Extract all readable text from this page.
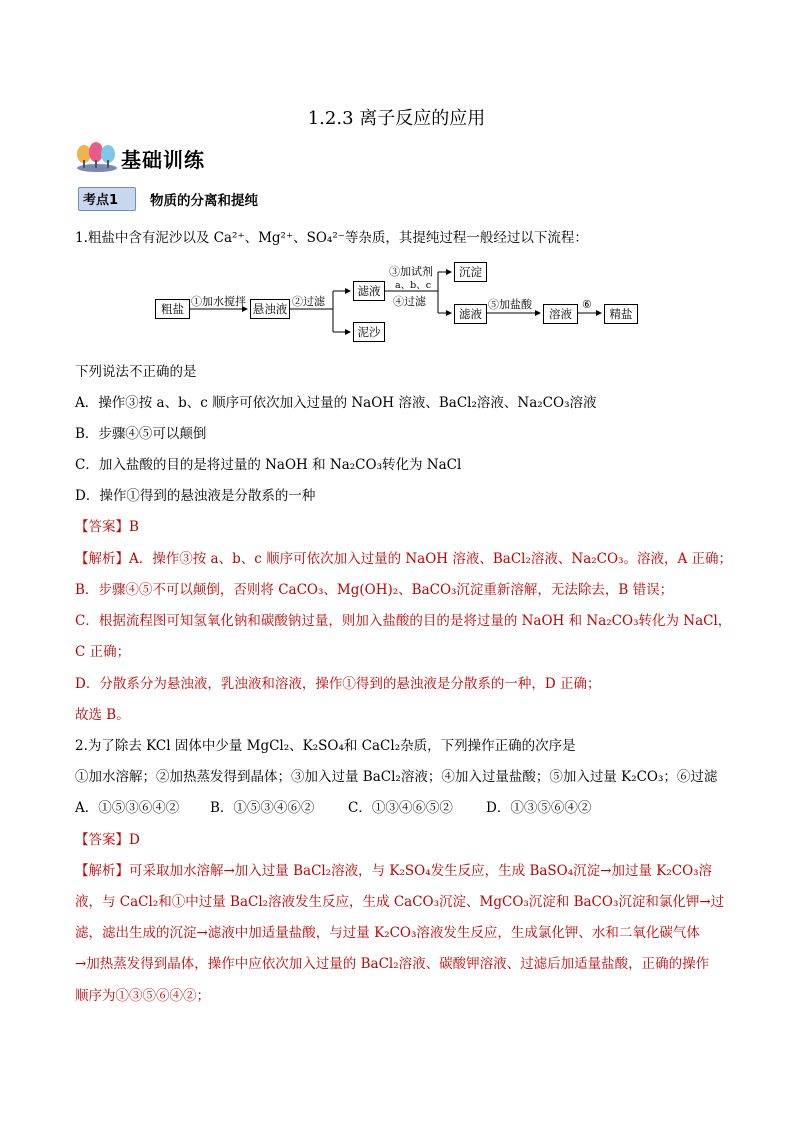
1.2.3 离子反应的应用
基础训练
考点1 物质的分离和提纯
1.粗盐中含有泥沙以及 Ca²⁺、Mg²⁺、SO₄²⁻等杂质，其提纯过程一般经过以下流程：
粗盐
①加水搅拌
悬浊液
②过滤
滤液
泥沙
③加试剂
a、b、c
④过滤
沉淀
滤液
⑤加盐酸
溶液
⑥
精盐
下列说法不正确的是
A．操作③按 a、b、c 顺序可依次加入过量的 NaOH 溶液、BaCl₂溶液、Na₂CO₃溶液
B．步骤④⑤可以颠倒
C．加入盐酸的目的是将过量的 NaOH 和 Na₂CO₃转化为 NaCl
D．操作①得到的悬浊液是分散系的一种
【答案】B
【解析】A．操作③按 a、b、c 顺序可依次加入过量的 NaOH 溶液、BaCl₂溶液、Na₂CO₃。溶液，A 正确；
B．步骤④⑤不可以颠倒，否则将 CaCO₃、Mg(OH)₂、BaCO₃沉淀重新溶解，无法除去，B 错误；
C．根据流程图可知氢氧化钠和碳酸钠过量，则加入盐酸的目的是将过量的 NaOH 和 Na₂CO₃转化为 NaCl，
C 正确；
D．分散系分为悬浊液，乳浊液和溶液，操作①得到的悬浊液是分散系的一种，D 正确；
故选 B。
2.为了除去 KCl 固体中少量 MgCl₂、K₂SO₄和 CaCl₂杂质，下列操作正确的次序是
①加水溶解；②加热蒸发得到晶体；③加入过量 BaCl₂溶液；④加入过量盐酸；⑤加入过量 K₂CO₃；⑥过滤
A．①⑤③⑥④② B．①⑤③④⑥② C．①③④⑥⑤② D．①③⑤⑥④②
【答案】D
【解析】可采取加水溶解→加入过量 BaCl₂溶液，与 K₂SO₄发生反应，生成 BaSO₄沉淀→加过量 K₂CO₃溶
液，与 CaCl₂和①中过量 BaCl₂溶液发生反应，生成 CaCO₃沉淀、MgCO₃沉淀和 BaCO₃沉淀和氯化钾→过
滤，滤出生成的沉淀→滤液中加适量盐酸，与过量 K₂CO₃溶液发生反应，生成氯化钾、水和二氧化碳气体
→加热蒸发得到晶体，操作中应依次加入过量的 BaCl₂溶液、碳酸钾溶液、过滤后加适量盐酸，正确的操作
顺序为①③⑤⑥④②；
